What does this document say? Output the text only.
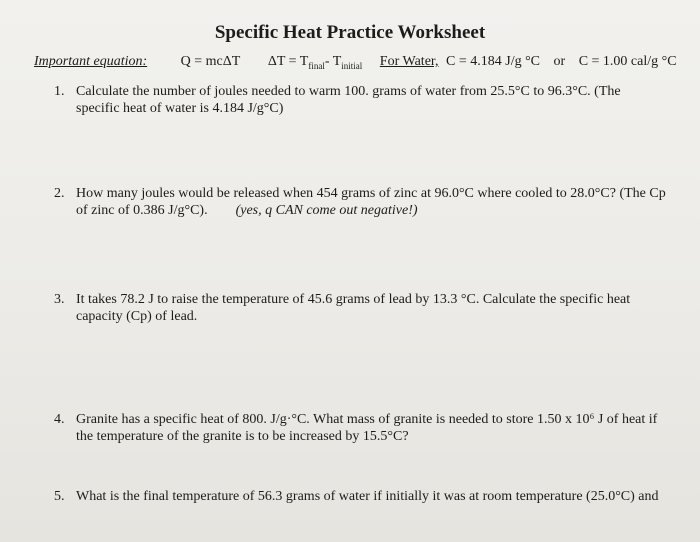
Specific Heat Practice Worksheet
Important equation: Q = mcΔT $\Delta T = T_{final}-$ $T_{initial}$ For Water, C = 4.184 J/g °C or C = 1.00 cal/g °C
1. Calculate the number of joules needed to warm 100. grams of water from 25.5°C to 96.3°C. (The
specific heat of water is 4.184 J/g°C)
2. How many joules would be released when 454 grams of zinc at 96.0°C where cooled to 28.0°C? (The Cp
of zinc of 0.386 J/g°C). (yes, q CAN come out negative!)
3. It takes 78.2 J to raise the temperature of 45.6 grams of lead by 13.3 °C. Calculate the specific heat
capacity (Cp) of lead.
4. Granite has a specific heat of 800. J/g·°C. What mass of granite is needed to store 1.50 x 10⁶ J of heat if
the temperature of the granite is to be increased by 15.5°C?
5. What is the final temperature of 56.3 grams of water if initially it was at room temperature (25.0°C) and
